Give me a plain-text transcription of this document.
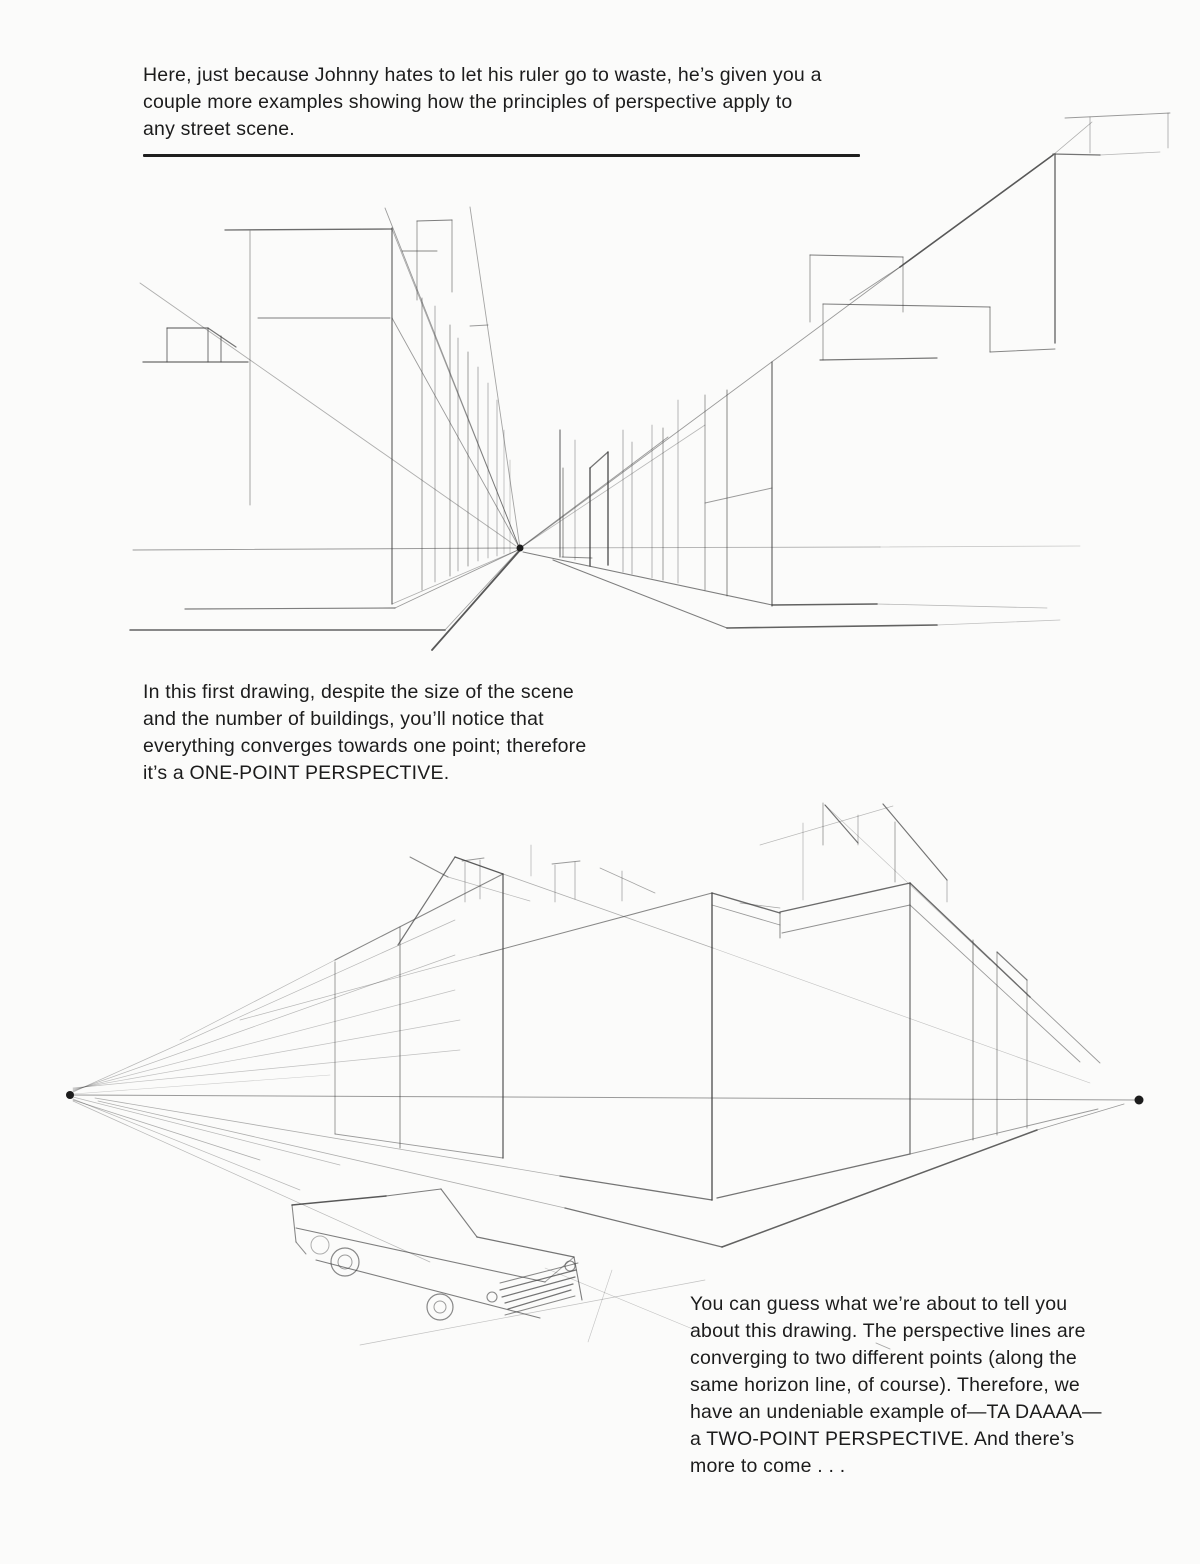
Here, just because Johnny hates to let his ruler go to waste, he’s given you a
couple more examples showing how the principles of perspective apply to
any street scene.
In this first drawing, despite the size of the scene
and the number of buildings, you’ll notice that
everything converges towards one point; therefore
it’s a ONE-POINT PERSPECTIVE.
You can guess what we’re about to tell you
about this drawing. The perspective lines are
converging to two different points (along the
same horizon line, of course). Therefore, we
have an undeniable example of—TA DAAAA—
a TWO-POINT PERSPECTIVE. And there’s
more to come . . .
